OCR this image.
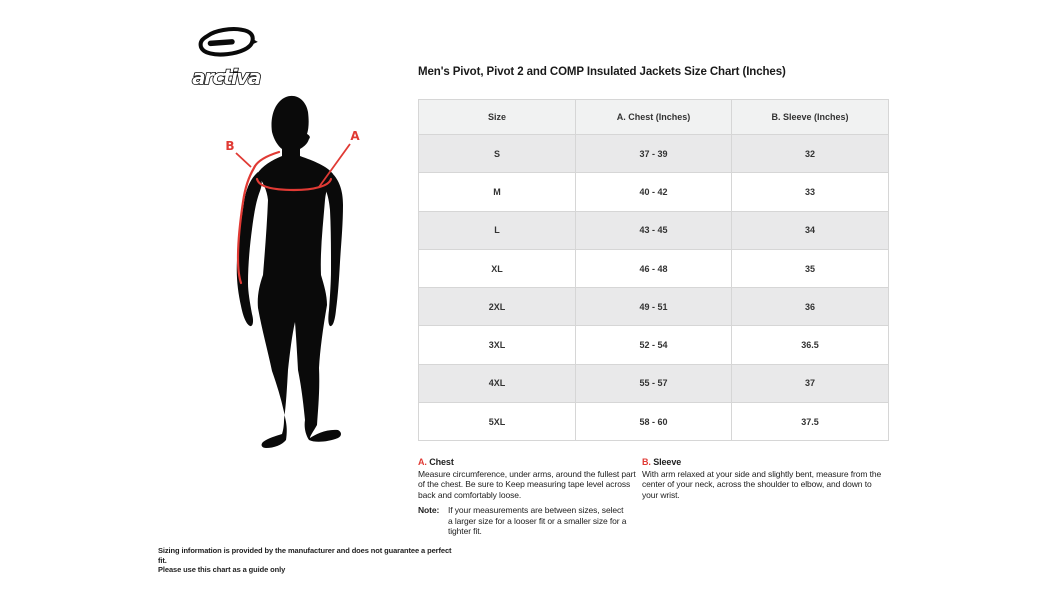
arctiva
A
B
Men's Pivot, Pivot 2 and COMP Insulated Jackets Size Chart (Inches)
Size	A. Chest (Inches)	B. Sleeve (Inches)
S	37 - 39	32
M	40 - 42	33
L	43 - 45	34
XL	46 - 48	35
2XL	49 - 51	36
3XL	52 - 54	36.5
4XL	55 - 57	37
5XL	58 - 60	37.5
A. Chest
Measure circumference, under arms, around the fullest part of the chest. Be sure to Keep measuring tape level across back and comfortably loose.
Note:	If your measurements are between sizes, select a larger size for a looser fit or a smaller size for a tighter fit.
B. Sleeve
With arm relaxed at your side and slightly bent, measure from the center of your neck, across the shoulder to elbow, and down to your wrist.
Sizing information is provided by the manufacturer and does not guarantee a perfect fit.
Please use this chart as a guide only
